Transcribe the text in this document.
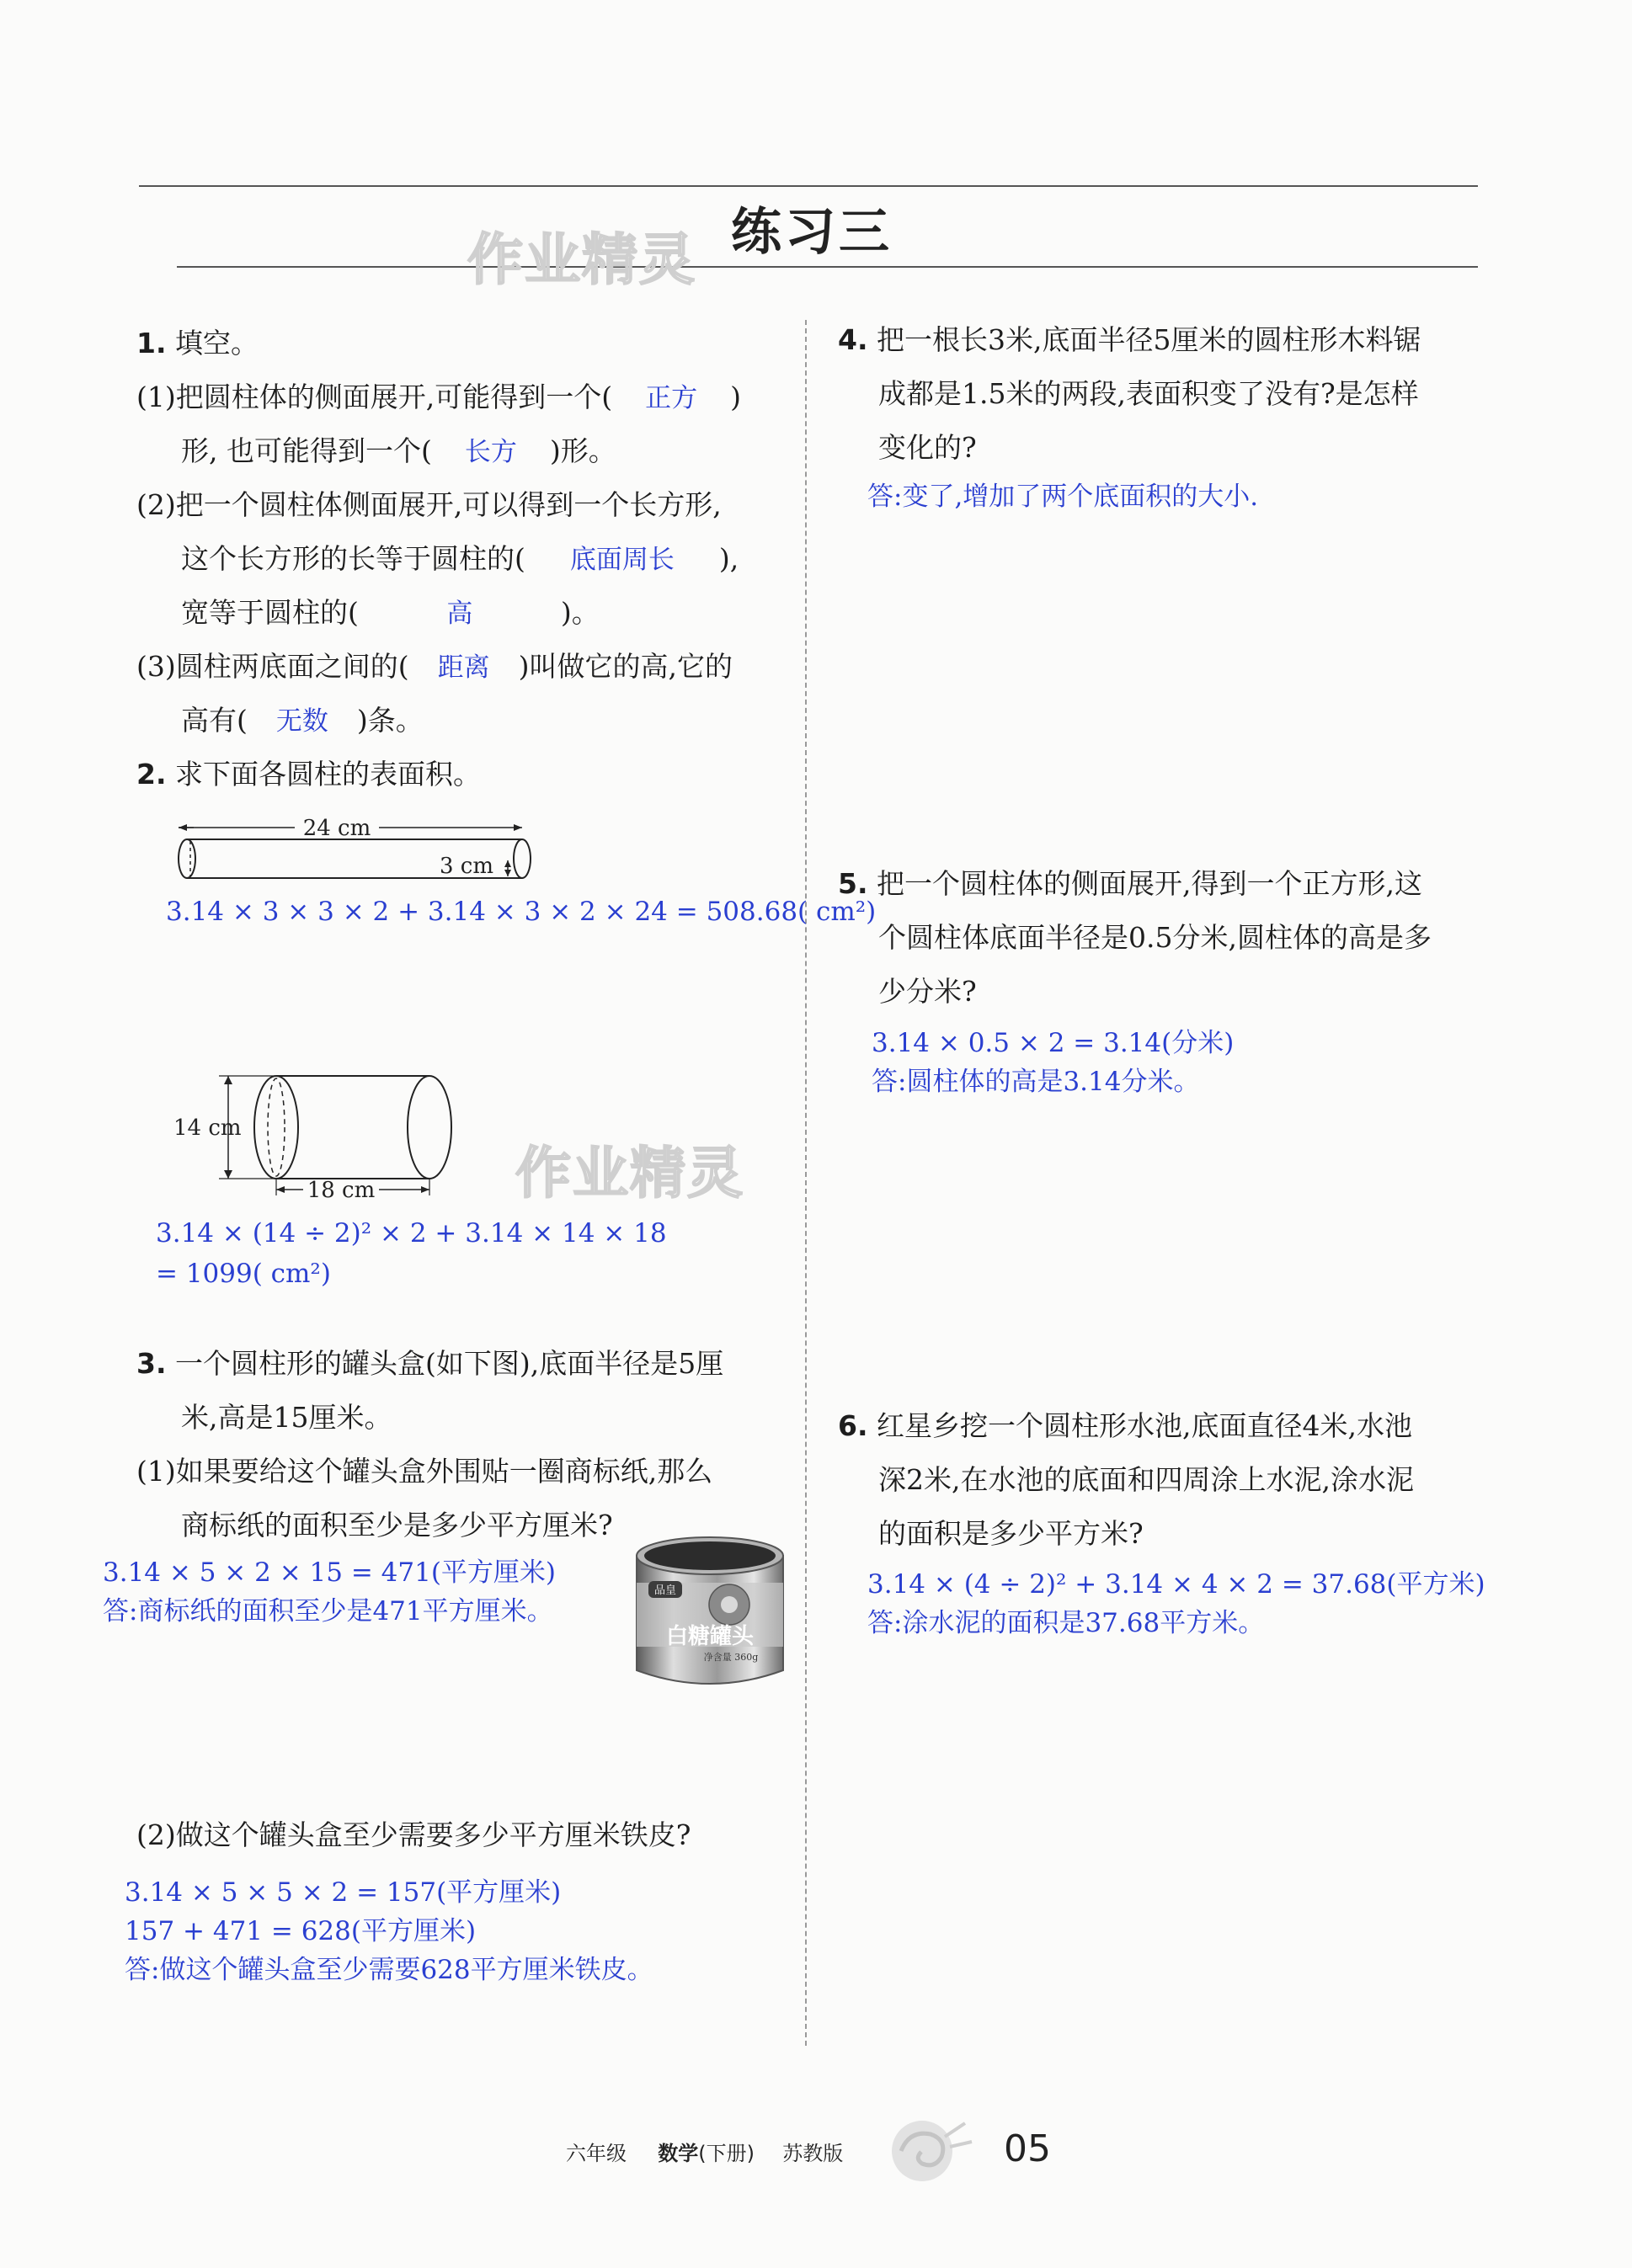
作业精灵 练习三
1. 填空。
(1)把圆柱体的侧面展开,可能得到一个( 正方 )
形, 也可能得到一个( 长方 )形。
(2)把一个圆柱体侧面展开,可以得到一个长方形,
这个长方形的长等于圆柱的( 底面周长 ),
宽等于圆柱的(	高	)。
(3)圆柱两底面之间的( 距离 )叫做它的高,它的
高有( 无数 )条。
2. 求下面各圆柱的表面积。
24 cm
3 cm
3.14 × 3 × 3 × 2 + 3.14 × 3 × 2 × 24 = 508.68( cm²)
14 cm
18 cm	作业精灵
3.14 × (14 ÷ 2)² × 2 + 3.14 × 14 × 18
= 1099( cm²)
3. 一个圆柱形的罐头盒(如下图),底面半径是5厘
米,高是15厘米。
(1)如果要给这个罐头盒外围贴一圈商标纸,那么
商标纸的面积至少是多少平方厘米?
3.14 × 5 × 2 × 15 = 471(平方厘米)
答:商标纸的面积至少是471平方厘米。
品皇
白糖罐头
净含量 360g
(2)做这个罐头盒至少需要多少平方厘米铁皮?
3.14 × 5 × 5 × 2 = 157(平方厘米)
157 + 471 = 628(平方厘米)
答:做这个罐头盒至少需要628平方厘米铁皮。
4. 把一根长3米,底面半径5厘米的圆柱形木料锯
成都是1.5米的两段,表面积变了没有?是怎样
变化的?
答:变了,增加了两个底面积的大小.
5. 把一个圆柱体的侧面展开,得到一个正方形,这
个圆柱体底面半径是0.5分米,圆柱体的高是多
少分米?
3.14 × 0.5 × 2 = 3.14(分米)
答:圆柱体的高是3.14分米。
6. 红星乡挖一个圆柱形水池,底面直径4米,水池
深2米,在水池的底面和四周涂上水泥,涂水泥
的面积是多少平方米?
3.14 × (4 ÷ 2)² + 3.14 × 4 × 2 = 37.68(平方米)
答:涂水泥的面积是37.68平方米。
六年级 数学(下册) 苏教版	05
